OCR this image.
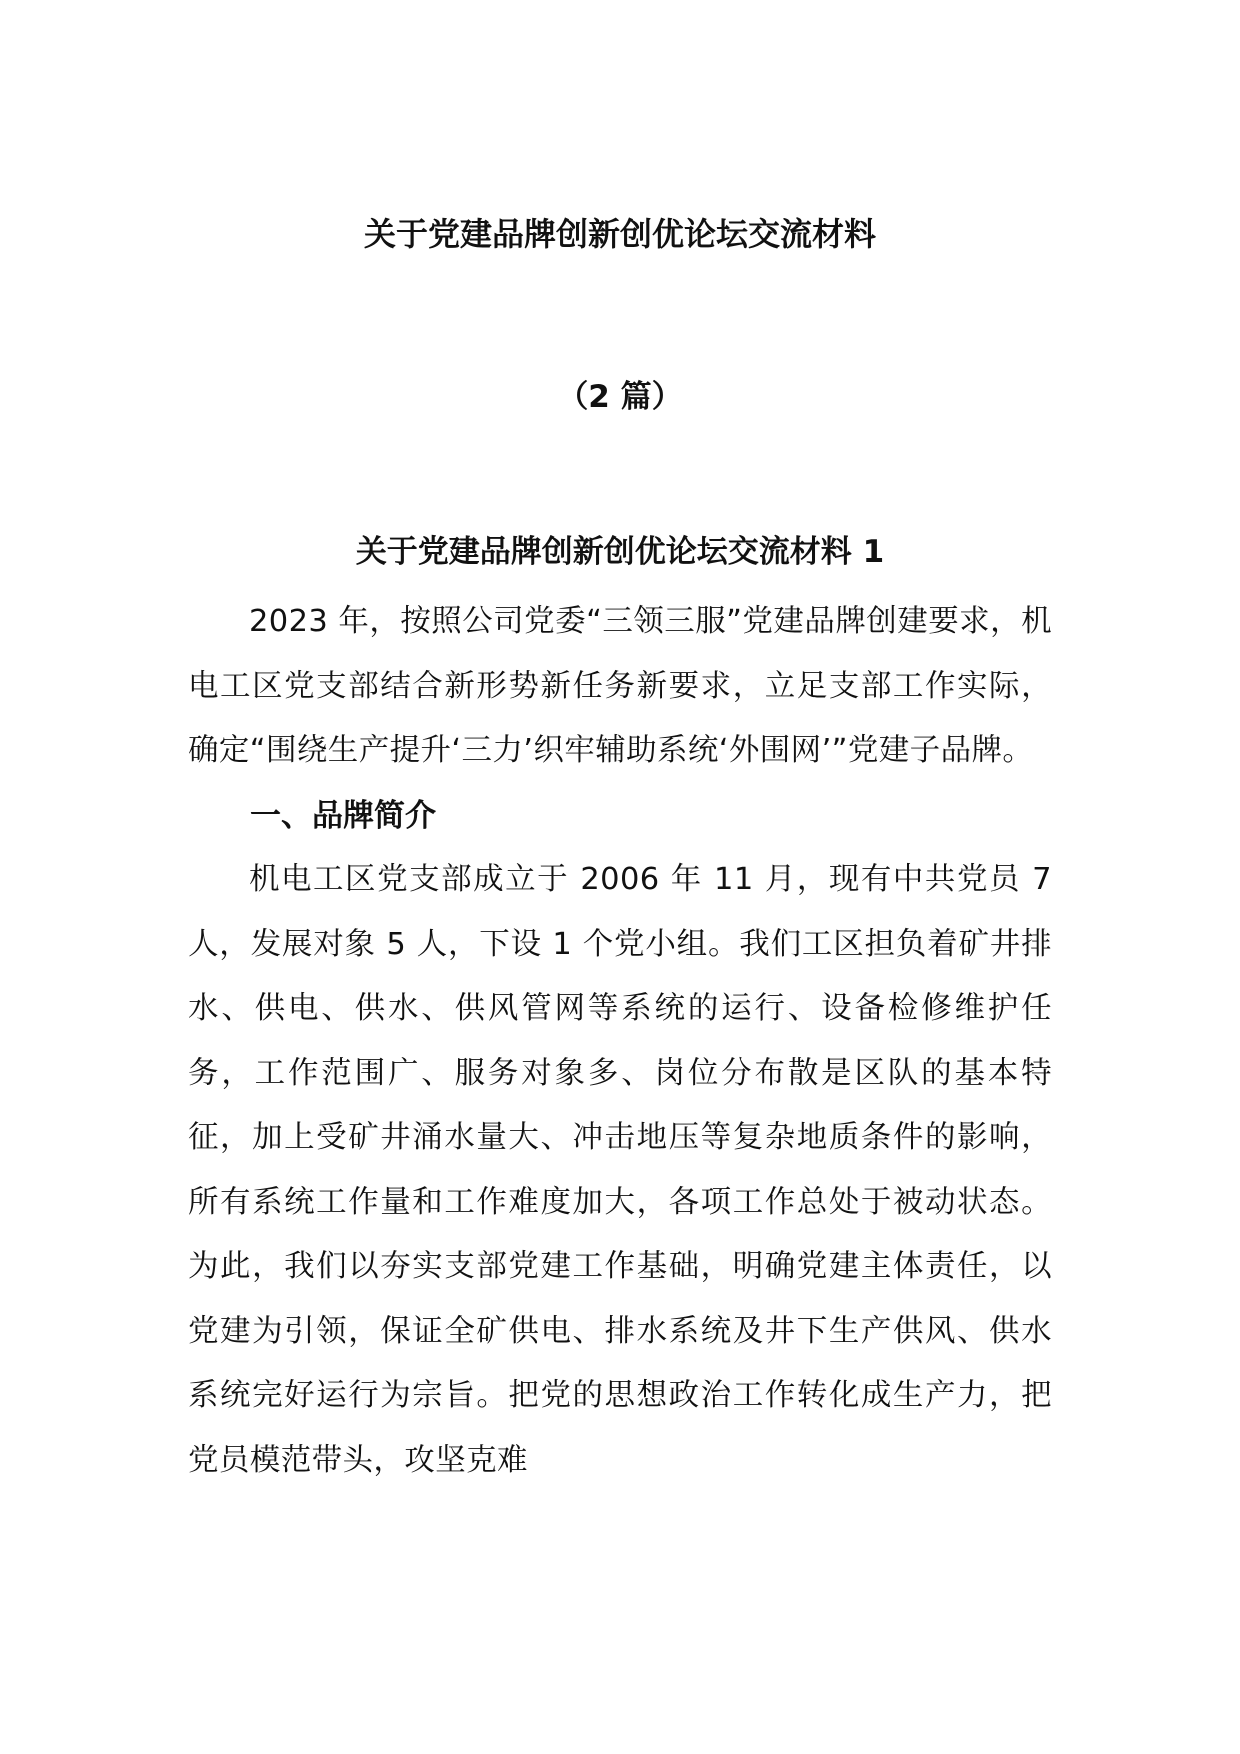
关于党建品牌创新创优论坛交流材料
（2 篇）
关于党建品牌创新创优论坛交流材料 1

2023 年，按照公司党委“三领三服”党建品牌创建要求，机电工区党支部结合新形势新任务新要求，立足支部工作实际，确定“围绕生产提升‘三力’织牢辅助系统‘外围网’”党建子品牌。

一、品牌简介

机电工区党支部成立于 2006 年 11 月，现有中共党员 7 人，发展对象 5 人，下设 1 个党小组。我们工区担负着矿井排水、供电、供水、供风管网等系统的运行、设备检修维护任务，工作范围广、服务对象多、岗位分布散是区队的基本特征，加上受矿井涌水量大、冲击地压等复杂地质条件的影响，所有系统工作量和工作难度加大，各项工作总处于被动状态。为此，我们以夯实支部党建工作基础，明确党建主体责任，以党建为引领，保证全矿供电、排水系统及井下生产供风、供水系统完好运行为宗旨。把党的思想政治工作转化成生产力，把党员模范带头，攻坚克难
